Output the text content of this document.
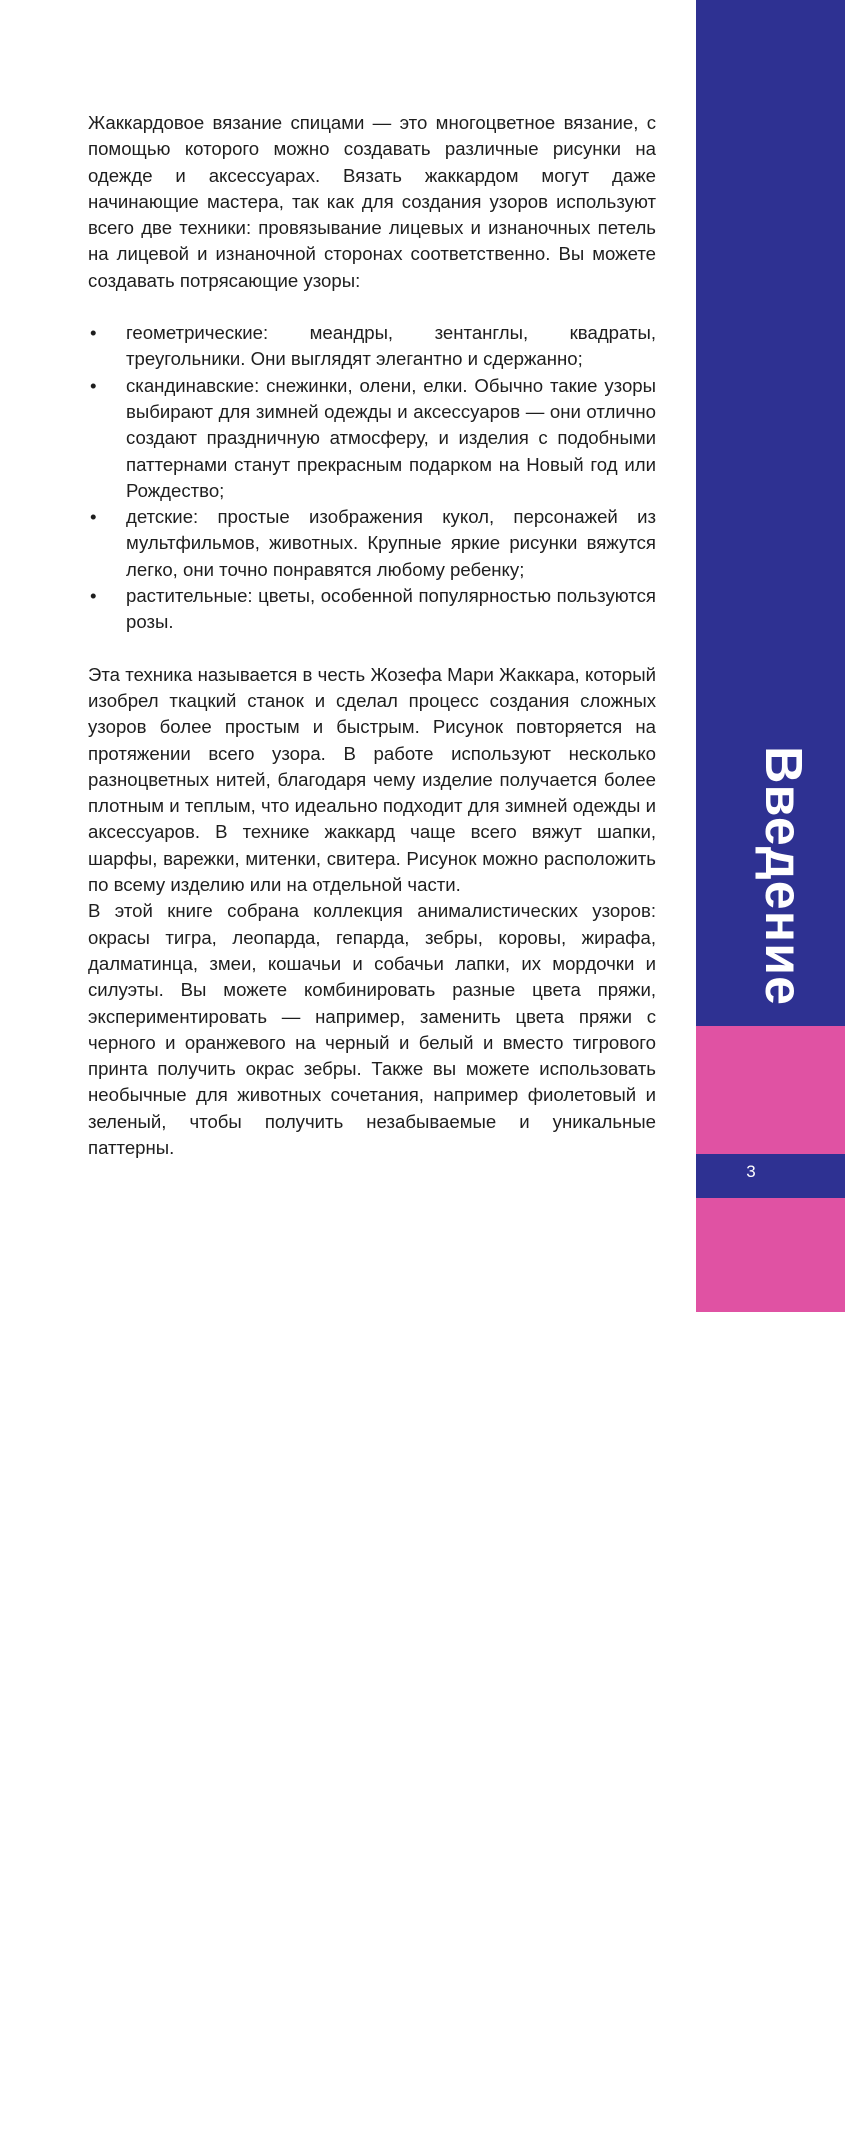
Жаккардовое вязание спицами — это многоцветное вязание, с помощью которого можно создавать различные рисунки на одежде и аксессуарах. Вязать жаккардом могут даже начинающие мастера, так как для создания узоров используют всего две техники: провязывание лицевых и изнаночных петель на лицевой и изнаночной сторонах соответственно. Вы можете создавать потрясающие узоры:

• геометрические: меандры, зентанглы, квадраты, треугольники. Они выглядят элегантно и сдержанно;
• скандинавские: снежинки, олени, елки. Обычно такие узоры выбирают для зимней одежды и аксессуаров — они отлично создают праздничную атмосферу, и изделия с подобными паттернами станут прекрасным подарком на Новый год или Рождество;
• детские: простые изображения кукол, персонажей из мультфильмов, животных. Крупные яркие рисунки вяжутся легко, они точно понравятся любому ребенку;
• растительные: цветы, особенной популярностью пользуются розы.

Эта техника называется в честь Жозефа Мари Жаккара, который изобрел ткацкий станок и сделал процесс создания сложных узоров более простым и быстрым. Рисунок повторяется на протяжении всего узора. В работе используют несколько разноцветных нитей, благодаря чему изделие получается более плотным и теплым, что идеально подходит для зимней одежды и аксессуаров. В технике жаккард чаще всего вяжут шапки, шарфы, варежки, митенки, свитера. Рисунок можно расположить по всему изделию или на отдельной части.

В этой книге собрана коллекция анималистических узоров: окрасы тигра, леопарда, гепарда, зебры, коровы, жирафа, далматинца, змеи, кошачьи и собачьи лапки, их мордочки и силуэты. Вы можете комбинировать разные цвета пряжи, экспериментировать — например, заменить цвета пряжи с черного и оранжевого на черный и белый и вместо тигрового принта получить окрас зебры. Также вы можете использовать необычные для животных сочетания, например фиолетовый и зеленый, чтобы получить незабываемые и уникальные паттерны.

Введение
3
